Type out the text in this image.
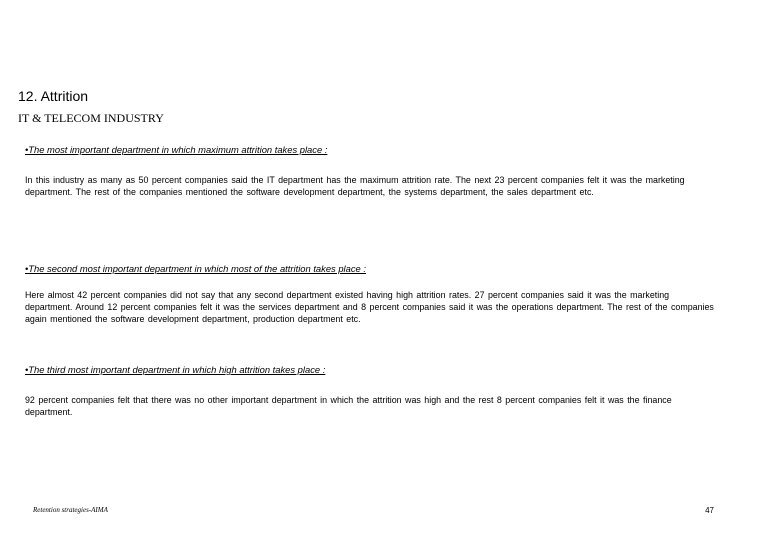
12. Attrition
IT & TELECOM INDUSTRY

•The most important department in which maximum attrition takes place :

In this industry as many as 50 percent companies said the IT department has the maximum attrition rate. The next 23 percent companies felt it was the marketing department. The rest of the companies mentioned the software development department, the systems department, the sales department etc.

•The second most important department in which most of the attrition takes place :

Here almost 42 percent companies did not say that any second department existed having high attrition rates. 27 percent companies said it was the marketing department. Around 12 percent companies felt it was the services department and 8 percent companies said it was the operations department. The rest of the companies again mentioned the software development department, production department etc.

•The third most important department in which high attrition takes place :

92 percent companies felt that there was no other important department in which the attrition was high and the rest 8 percent companies felt it was the finance department.

Retention strategies-AIMA	47
